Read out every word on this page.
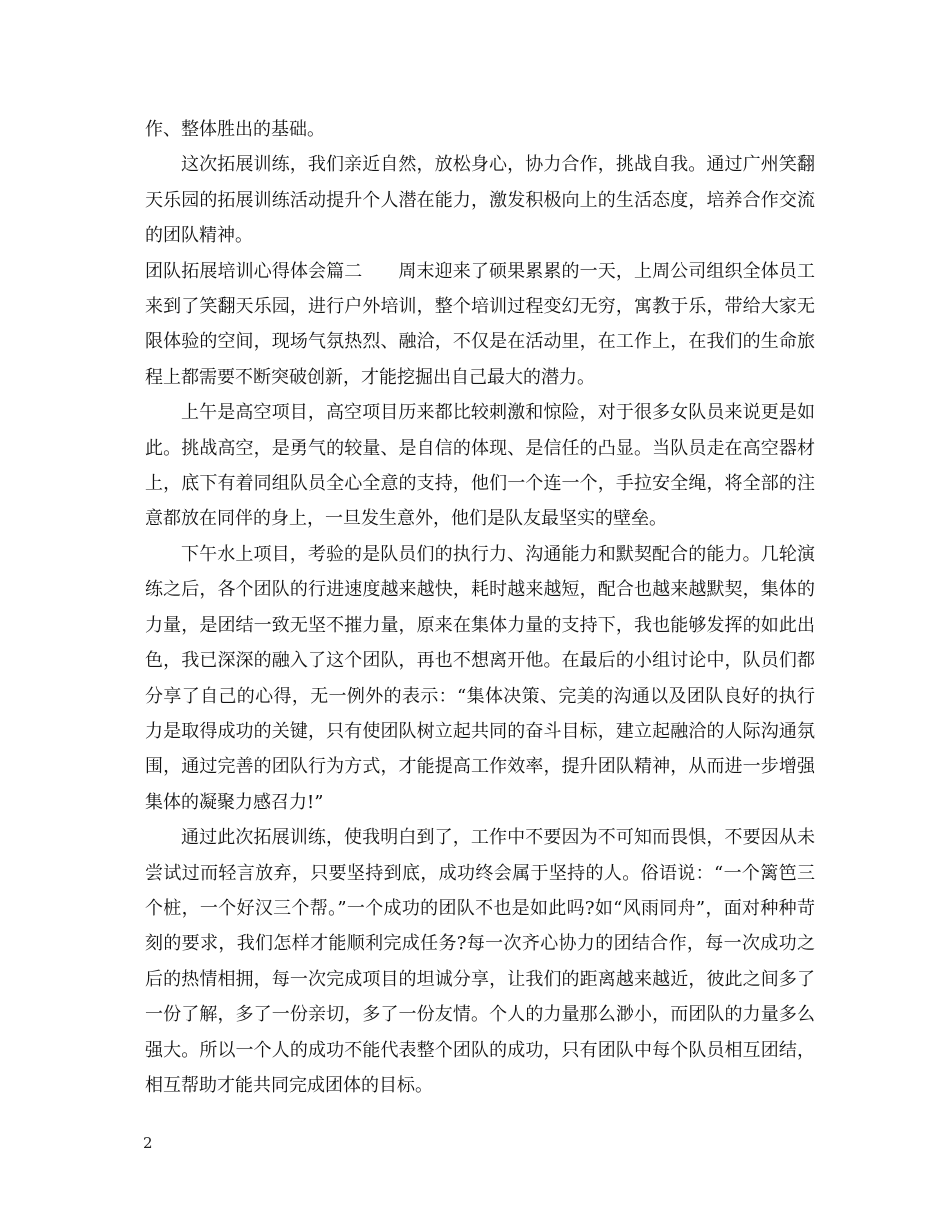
作、整体胜出的基础。

这次拓展训练，我们亲近自然，放松身心，协力合作，挑战自我。通过广州笑翻天乐园的拓展训练活动提升个人潜在能力，激发积极向上的生活态度，培养合作交流的团队精神。

团队拓展培训心得体会篇二 周末迎来了硕果累累的一天，上周公司组织全体员工来到了笑翻天乐园，进行户外培训，整个培训过程变幻无穷，寓教于乐，带给大家无限体验的空间，现场气氛热烈、融洽，不仅是在活动里，在工作上，在我们的生命旅程上都需要不断突破创新，才能挖掘出自己最大的潜力。

上午是高空项目，高空项目历来都比较刺激和惊险，对于很多女队员来说更是如此。挑战高空，是勇气的较量、是自信的体现、是信任的凸显。当队员走在高空器材上，底下有着同组队员全心全意的支持，他们一个连一个，手拉安全绳，将全部的注意都放在同伴的身上，一旦发生意外，他们是队友最坚实的壁垒。

下午水上项目，考验的是队员们的执行力、沟通能力和默契配合的能力。几轮演练之后，各个团队的行进速度越来越快，耗时越来越短，配合也越来越默契，集体的力量，是团结一致无坚不摧力量，原来在集体力量的支持下，我也能够发挥的如此出色，我已深深的融入了这个团队，再也不想离开他。在最后的小组讨论中，队员们都分享了自己的心得，无一例外的表示：“集体决策、完美的沟通以及团队良好的执行力是取得成功的关键，只有使团队树立起共同的奋斗目标，建立起融洽的人际沟通氛围，通过完善的团队行为方式，才能提高工作效率，提升团队精神，从而进一步增强集体的凝聚力感召力!”

通过此次拓展训练，使我明白到了，工作中不要因为不可知而畏惧，不要因从未尝试过而轻言放弃，只要坚持到底，成功终会属于坚持的人。俗语说：“一个篱笆三个桩，一个好汉三个帮。”一个成功的团队不也是如此吗?如“风雨同舟”，面对种种苛刻的要求，我们怎样才能顺利完成任务?每一次齐心协力的团结合作，每一次成功之后的热情相拥，每一次完成项目的坦诚分享，让我们的距离越来越近，彼此之间多了一份了解，多了一份亲切，多了一份友情。个人的力量那么渺小，而团队的力量多么强大。所以一个人的成功不能代表整个团队的成功，只有团队中每个队员相互团结，相互帮助才能共同完成团体的目标。

2
